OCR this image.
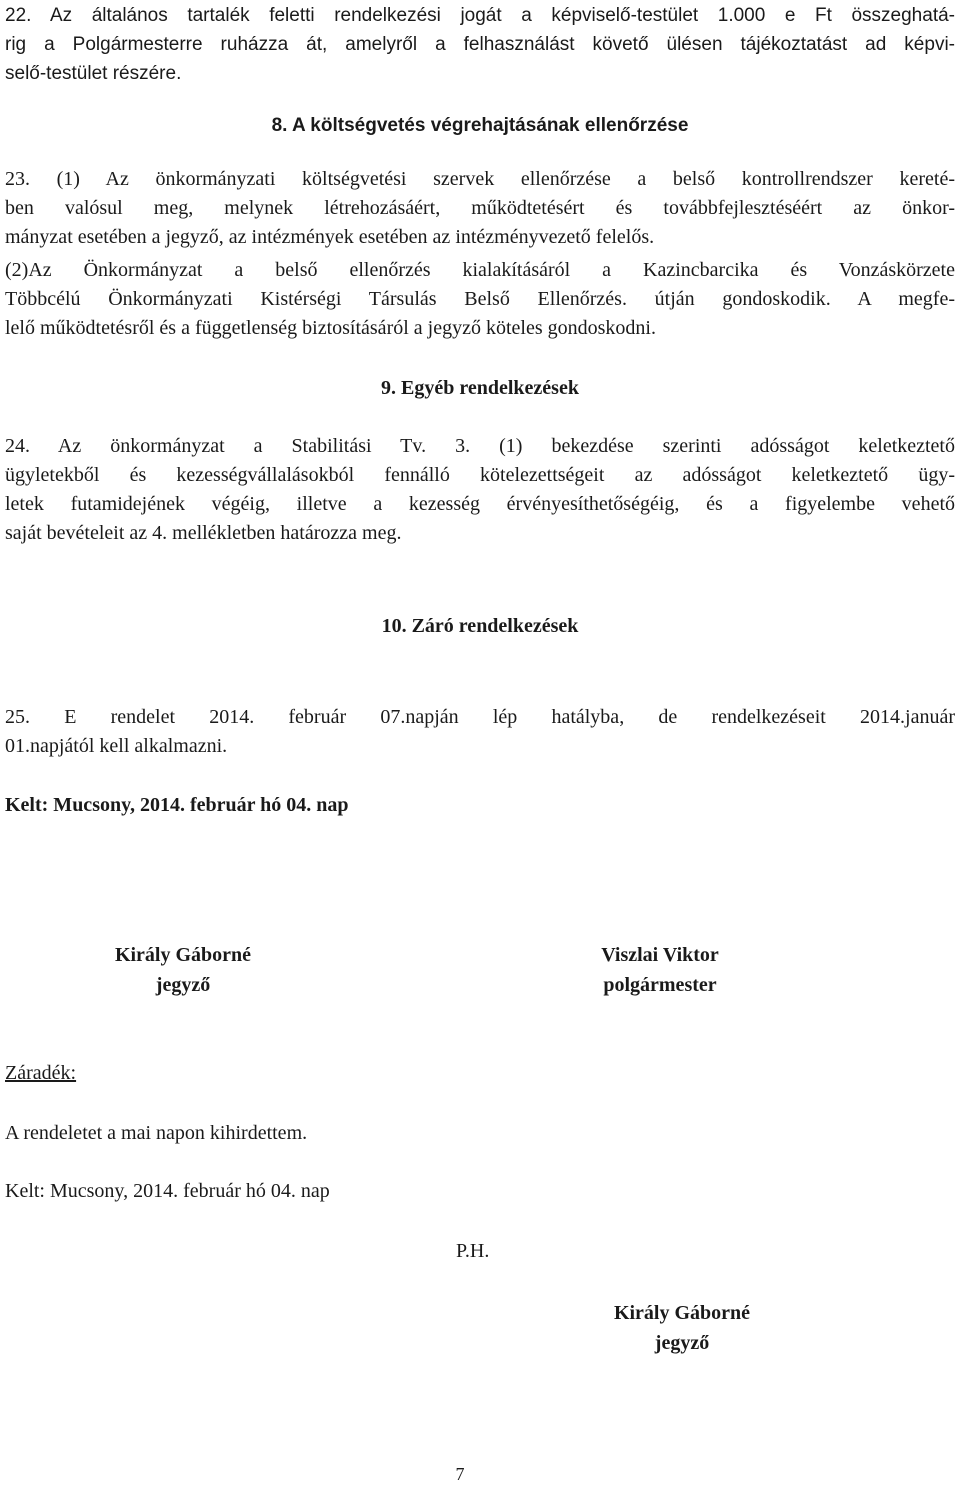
22. Az általános tartalék feletti rendelkezési jogát a képviselő-testület 1.000 e Ft összeghatá-
rig a Polgármesterre ruházza át, amelyről a felhasználást követő ülésen tájékoztatást ad képvi-
selő-testület részére.

8. A költségvetés végrehajtásának ellenőrzése

23. (1) Az önkormányzati költségvetési szervek ellenőrzése a belső kontrollrendszer kereté-
ben valósul meg, melynek létrehozásáért, működtetésért és továbbfejlesztéséért az önkor-
mányzat esetében a jegyző, az intézmények esetében az intézményvezető felelős.
(2)Az Önkormányzat a belső ellenőrzés kialakításáról a Kazincbarcika és Vonzáskörzete
Többcélú Önkormányzati Kistérségi Társulás Belső Ellenőrzés. útján gondoskodik. A megfe-
lelő működtetésről és a függetlenség biztosításáról a jegyző köteles gondoskodni.

9. Egyéb rendelkezések

24. Az önkormányzat a Stabilitási Tv. 3. (1) bekezdése szerinti adósságot keletkeztető
ügyletekből és kezességvállalásokból fennálló kötelezettségeit az adósságot keletkeztető ügy-
letek futamidejének végéig, illetve a kezesség érvényesíthetőségéig, és a figyelembe vehető
saját bevételeit az 4. mellékletben határozza meg.

10. Záró rendelkezések

25. E rendelet 2014. február 07.napján lép hatályba, de rendelkezéseit 2014.január
01.napjától kell alkalmazni.

Kelt: Mucsony, 2014. február hó 04. nap

Király Gáborné
jegyző
Viszlai Viktor
polgármester

Záradék:

A rendeletet a mai napon kihirdettem.

Kelt: Mucsony, 2014. február hó 04. nap

P.H.

Király Gáborné
jegyző

7
